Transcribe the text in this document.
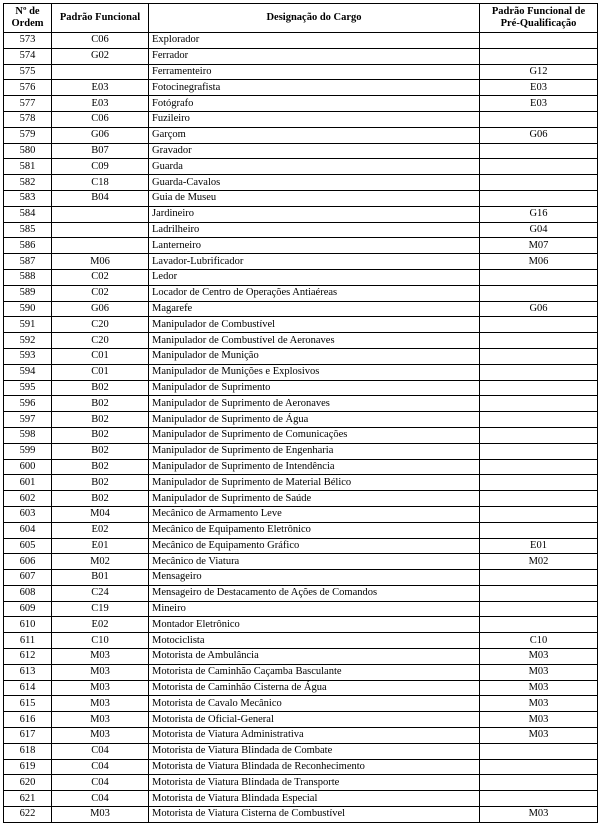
Nº de Ordem	Padrão Funcional	Designação do Cargo	Padrão Funcional de Pré-Qualificação
573	C06	Explorador	
574	G02	Ferrador	
575		Ferramenteiro	G12
576	E03	Fotocinegrafista	E03
577	E03	Fotógrafo	E03
578	C06	Fuzileiro	
579	G06	Garçom	G06
580	B07	Gravador	
581	C09	Guarda	
582	C18	Guarda-Cavalos	
583	B04	Guia de Museu	
584		Jardineiro	G16
585		Ladrilheiro	G04
586		Lanterneiro	M07
587	M06	Lavador-Lubrificador	M06
588	C02	Ledor	
589	C02	Locador de Centro de Operações Antiaéreas	
590	G06	Magarefe	G06
591	C20	Manipulador de Combustível	
592	C20	Manipulador de Combustível de Aeronaves	
593	C01	Manipulador de Munição	
594	C01	Manipulador de Munições e Explosivos	
595	B02	Manipulador de Suprimento	
596	B02	Manipulador de Suprimento de Aeronaves	
597	B02	Manipulador de Suprimento de Água	
598	B02	Manipulador de Suprimento de Comunicações	
599	B02	Manipulador de Suprimento de Engenharia	
600	B02	Manipulador de Suprimento de Intendência	
601	B02	Manipulador de Suprimento de Material Bélico	
602	B02	Manipulador de Suprimento de Saúde	
603	M04	Mecânico de Armamento Leve	
604	E02	Mecânico de Equipamento Eletrônico	
605	E01	Mecânico de Equipamento Gráfico	E01
606	M02	Mecânico de Viatura	M02
607	B01	Mensageiro	
608	C24	Mensageiro de Destacamento de Ações de Comandos	
609	C19	Mineiro	
610	E02	Montador Eletrônico	
611	C10	Motociclista	C10
612	M03	Motorista de Ambulância	M03
613	M03	Motorista de Caminhão Caçamba Basculante	M03
614	M03	Motorista de Caminhão Cisterna de Água	M03
615	M03	Motorista de Cavalo Mecânico	M03
616	M03	Motorista de Oficial-General	M03
617	M03	Motorista de Viatura Administrativa	M03
618	C04	Motorista de Viatura Blindada de Combate	
619	C04	Motorista de Viatura Blindada de Reconhecimento	
620	C04	Motorista de Viatura Blindada de Transporte	
621	C04	Motorista de Viatura Blindada Especial	
622	M03	Motorista de Viatura Cisterna de Combustível	M03
